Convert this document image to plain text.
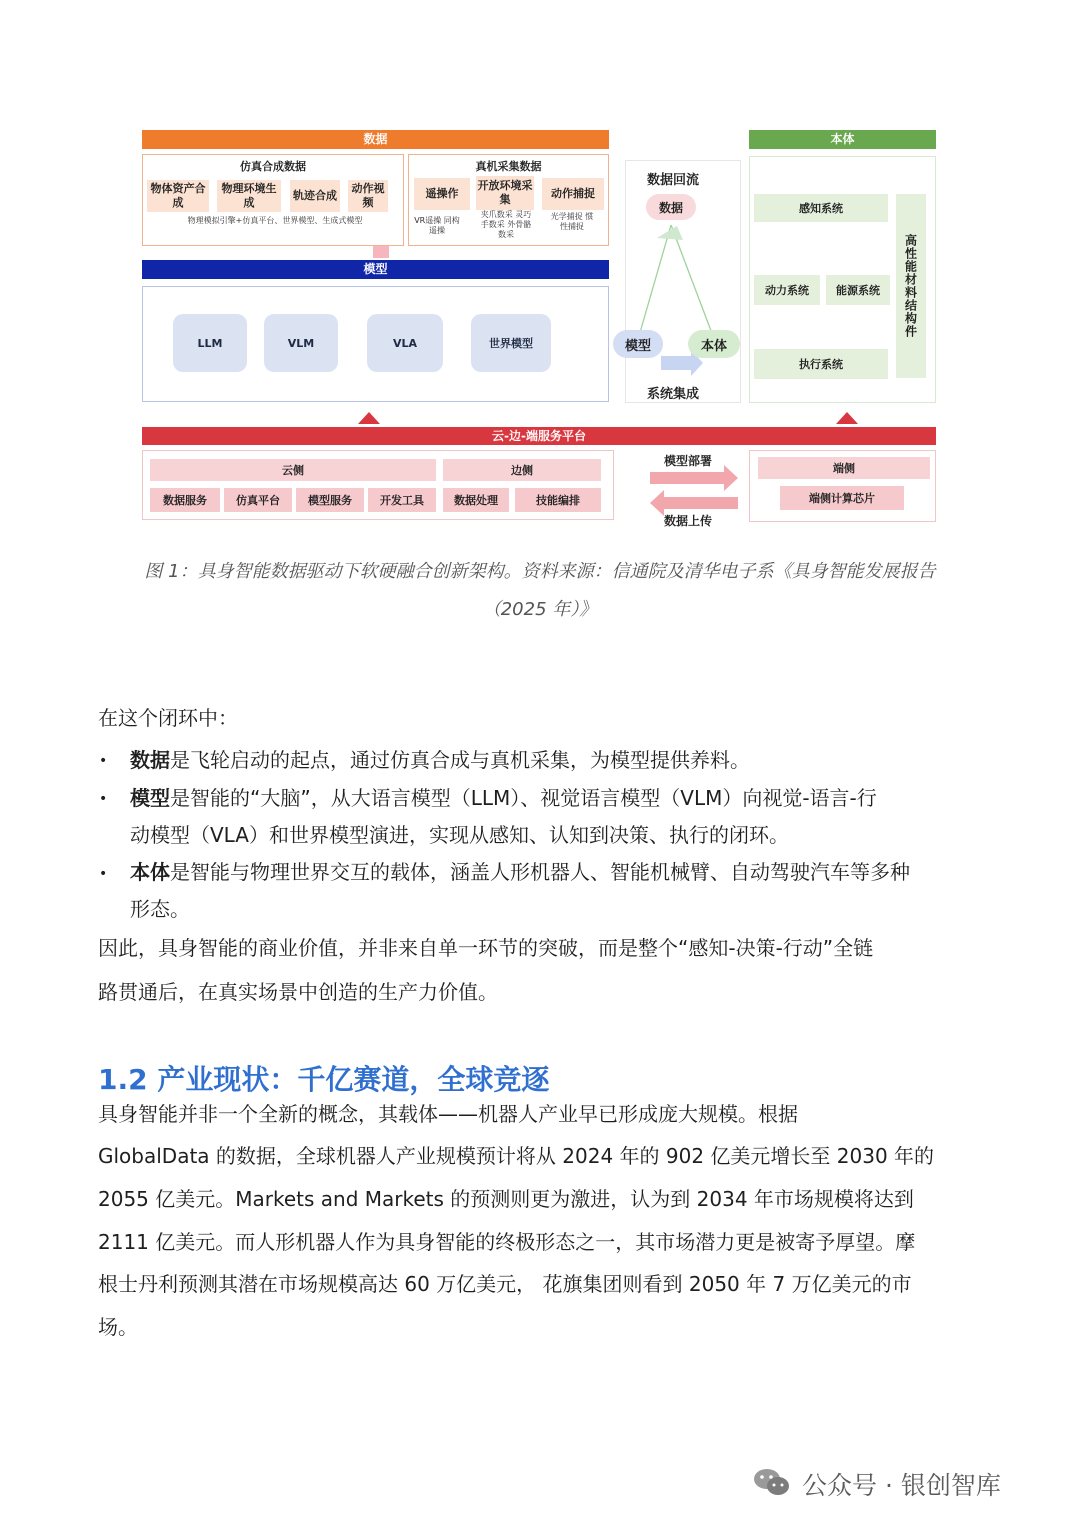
数据
仿真合成数据
物体资产合成
物理环境生成
轨迹合成
动作视频
物理模拟引擎+仿真平台、世界模型、生成式模型
真机采集数据
遥操作
开放环境采集	动作捕捉
VR遥操 同构遥操
夹爪数采 灵巧手数采 外骨骼数采
光学捕捉 惯性捕捉
模型
LLM	VLM	VLA	世界模型
数据回流
数据
模型	本体
系统集成
本体
感知系统
动力系统	能源系统
执行系统
高性能材料结构件
云-边-端服务平台
云侧
数据服务	仿真平台	模型服务	开发工具
边侧
数据处理	技能编排
模型部署
数据上传
端侧
端侧计算芯片
图 1：具身智能数据驱动下软硬融合创新架构。资料来源：信通院及清华电子系《具身智能发展报告
（2025 年）》
在这个闭环中：
• 数据是飞轮启动的起点，通过仿真合成与真机采集，为模型提供养料。
• 模型是智能的“大脑”，从大语言模型（LLM）、视觉语言模型（VLM）向视觉-语言-行
动模型（VLA）和世界模型演进，实现从感知、认知到决策、执行的闭环。
• 本体是智能与物理世界交互的载体，涵盖人形机器人、智能机械臂、自动驾驶汽车等多种
形态。
因此，具身智能的商业价值，并非来自单一环节的突破，而是整个“感知-决策-行动”全链
路贯通后，在真实场景中创造的生产力价值。
1.2 产业现状：千亿赛道，全球竞逐
具身智能并非一个全新的概念，其载体——机器人产业早已形成庞大规模。根据
GlobalData 的数据，全球机器人产业规模预计将从 2024 年的 902 亿美元增长至 2030 年的
2055 亿美元。Markets and Markets 的预测则更为激进，认为到 2034 年市场规模将达到
2111 亿美元。而人形机器人作为具身智能的终极形态之一，其市场潜力更是被寄予厚望。摩
根士丹利预测其潜在市场规模高达 60 万亿美元， 花旗集团则看到 2050 年 7 万亿美元的市
场。
公众号 · 银创智库
